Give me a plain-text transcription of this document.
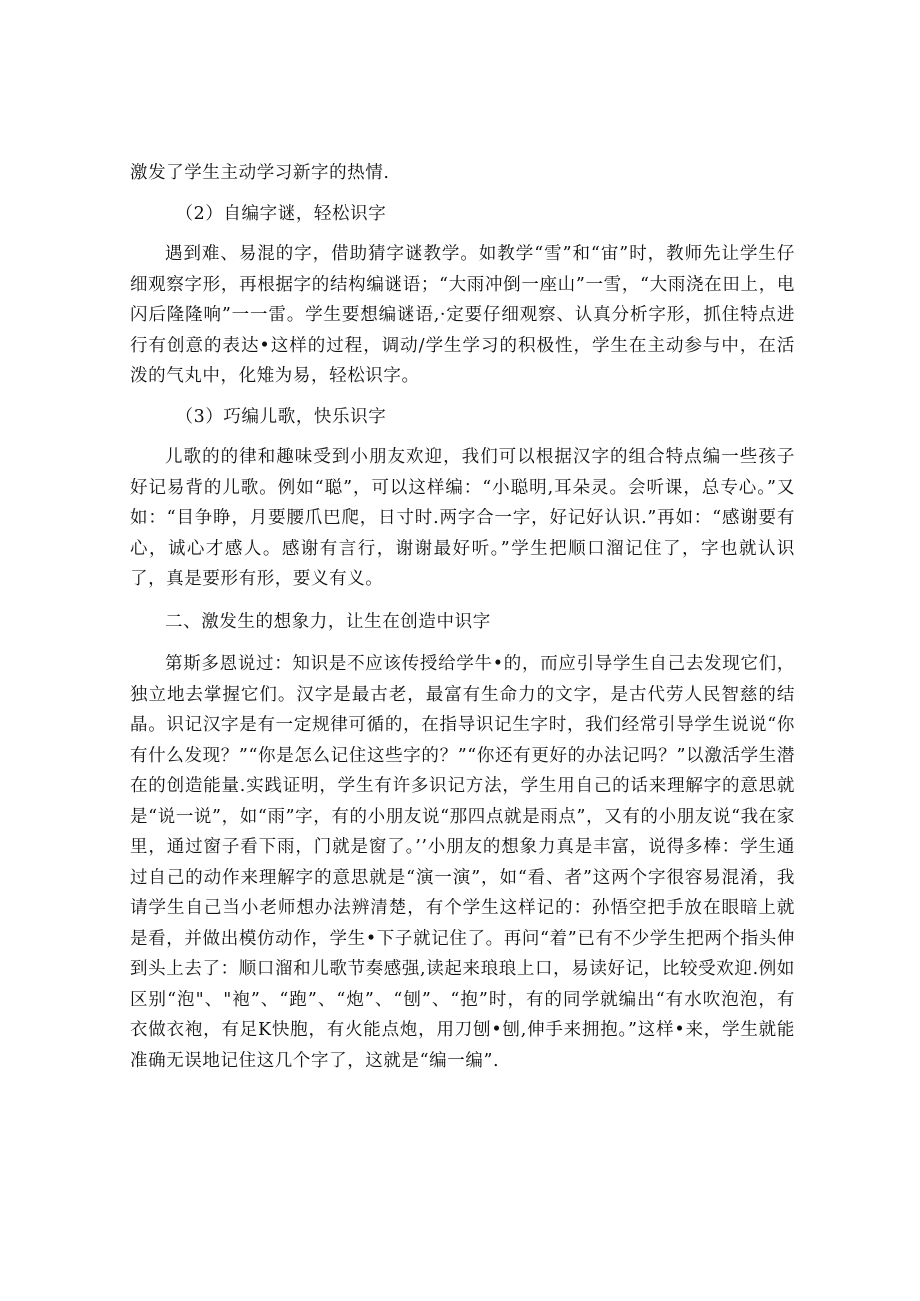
激发了学生主动学习新字的热情.

（2）自编字谜，轻松识字

遇到难、易混的字，借助猜字谜教学。如教学“雪”和“宙”时，教师先让学生仔细观察字形，再根据字的结构编谜语；“大雨冲倒一座山”一雪，“大雨浇在田上，电闪后隆隆响”一一雷。学生要想编谜语,·定要仔细观察、认真分析字形，抓住特点进行有创意的表达•这样的过程，调动/学生学习的积极性，学生在主动参与中，在活泼的气丸中，化雉为易，轻松识字。

（3）巧编儿歌，快乐识字

儿歌的的律和趣味受到小朋友欢迎，我们可以根据汉字的组合特点编一些孩子好记易背的儿歌。例如“聪”，可以这样编：“小聪明,耳朵灵。会听课，总专心。”又如：“目争睁，月要腰爪巴爬，日寸时.两字合一字，好记好认识.”再如：“感谢要有心，诚心才感人。感谢有言行，谢谢最好听。”学生把顺口溜记住了，字也就认识了，真是要形有形，要义有义。

二、激发生的想象力，让生在创造中识字

第斯多恩说过：知识是不应该传授给学牛•的，而应引导学生自己去发现它们，独立地去掌握它们。汉字是最古老，最富有生命力的文字，是古代劳人民智慈的结晶。识记汉字是有一定规律可循的，在指导识记生字时，我们经常引导学生说说“你有什么发现？”“你是怎么记住这些字的？”“你还有更好的办法记吗？”以激活学生潜在的创造能量.实践证明，学生有许多识记方法，学生用自己的话来理解字的意思就是“说一说”，如“雨”字，有的小朋友说“那四点就是雨点”，又有的小朋友说“我在家里，通过窗子看下雨，门就是窗了。’’小朋友的想象力真是丰富，说得多棒：学生通过自己的动作来理解字的意思就是“演一演”，如“看、者”这两个字很容易混淆，我请学生自己当小老师想办法辨清楚，有个学生这样记的：孙悟空把手放在眼暗上就是看，并做出模仿动作，学生•下子就记住了。再问“着”已有不少学生把两个指头伸到头上去了：顺口溜和儿歌节奏感强,读起来琅琅上口，易读好记，比较受欢迎.例如区别“泡"、"袍”、“跑”、“炮”、“刨”、“抱”时，有的同学就编出“有水吹泡泡，有衣做衣袍，有足K快胞，有火能点炮，用刀刨•刨,伸手来拥抱。”这样•来，学生就能准确无误地记住这几个字了，这就是“编一编”.
